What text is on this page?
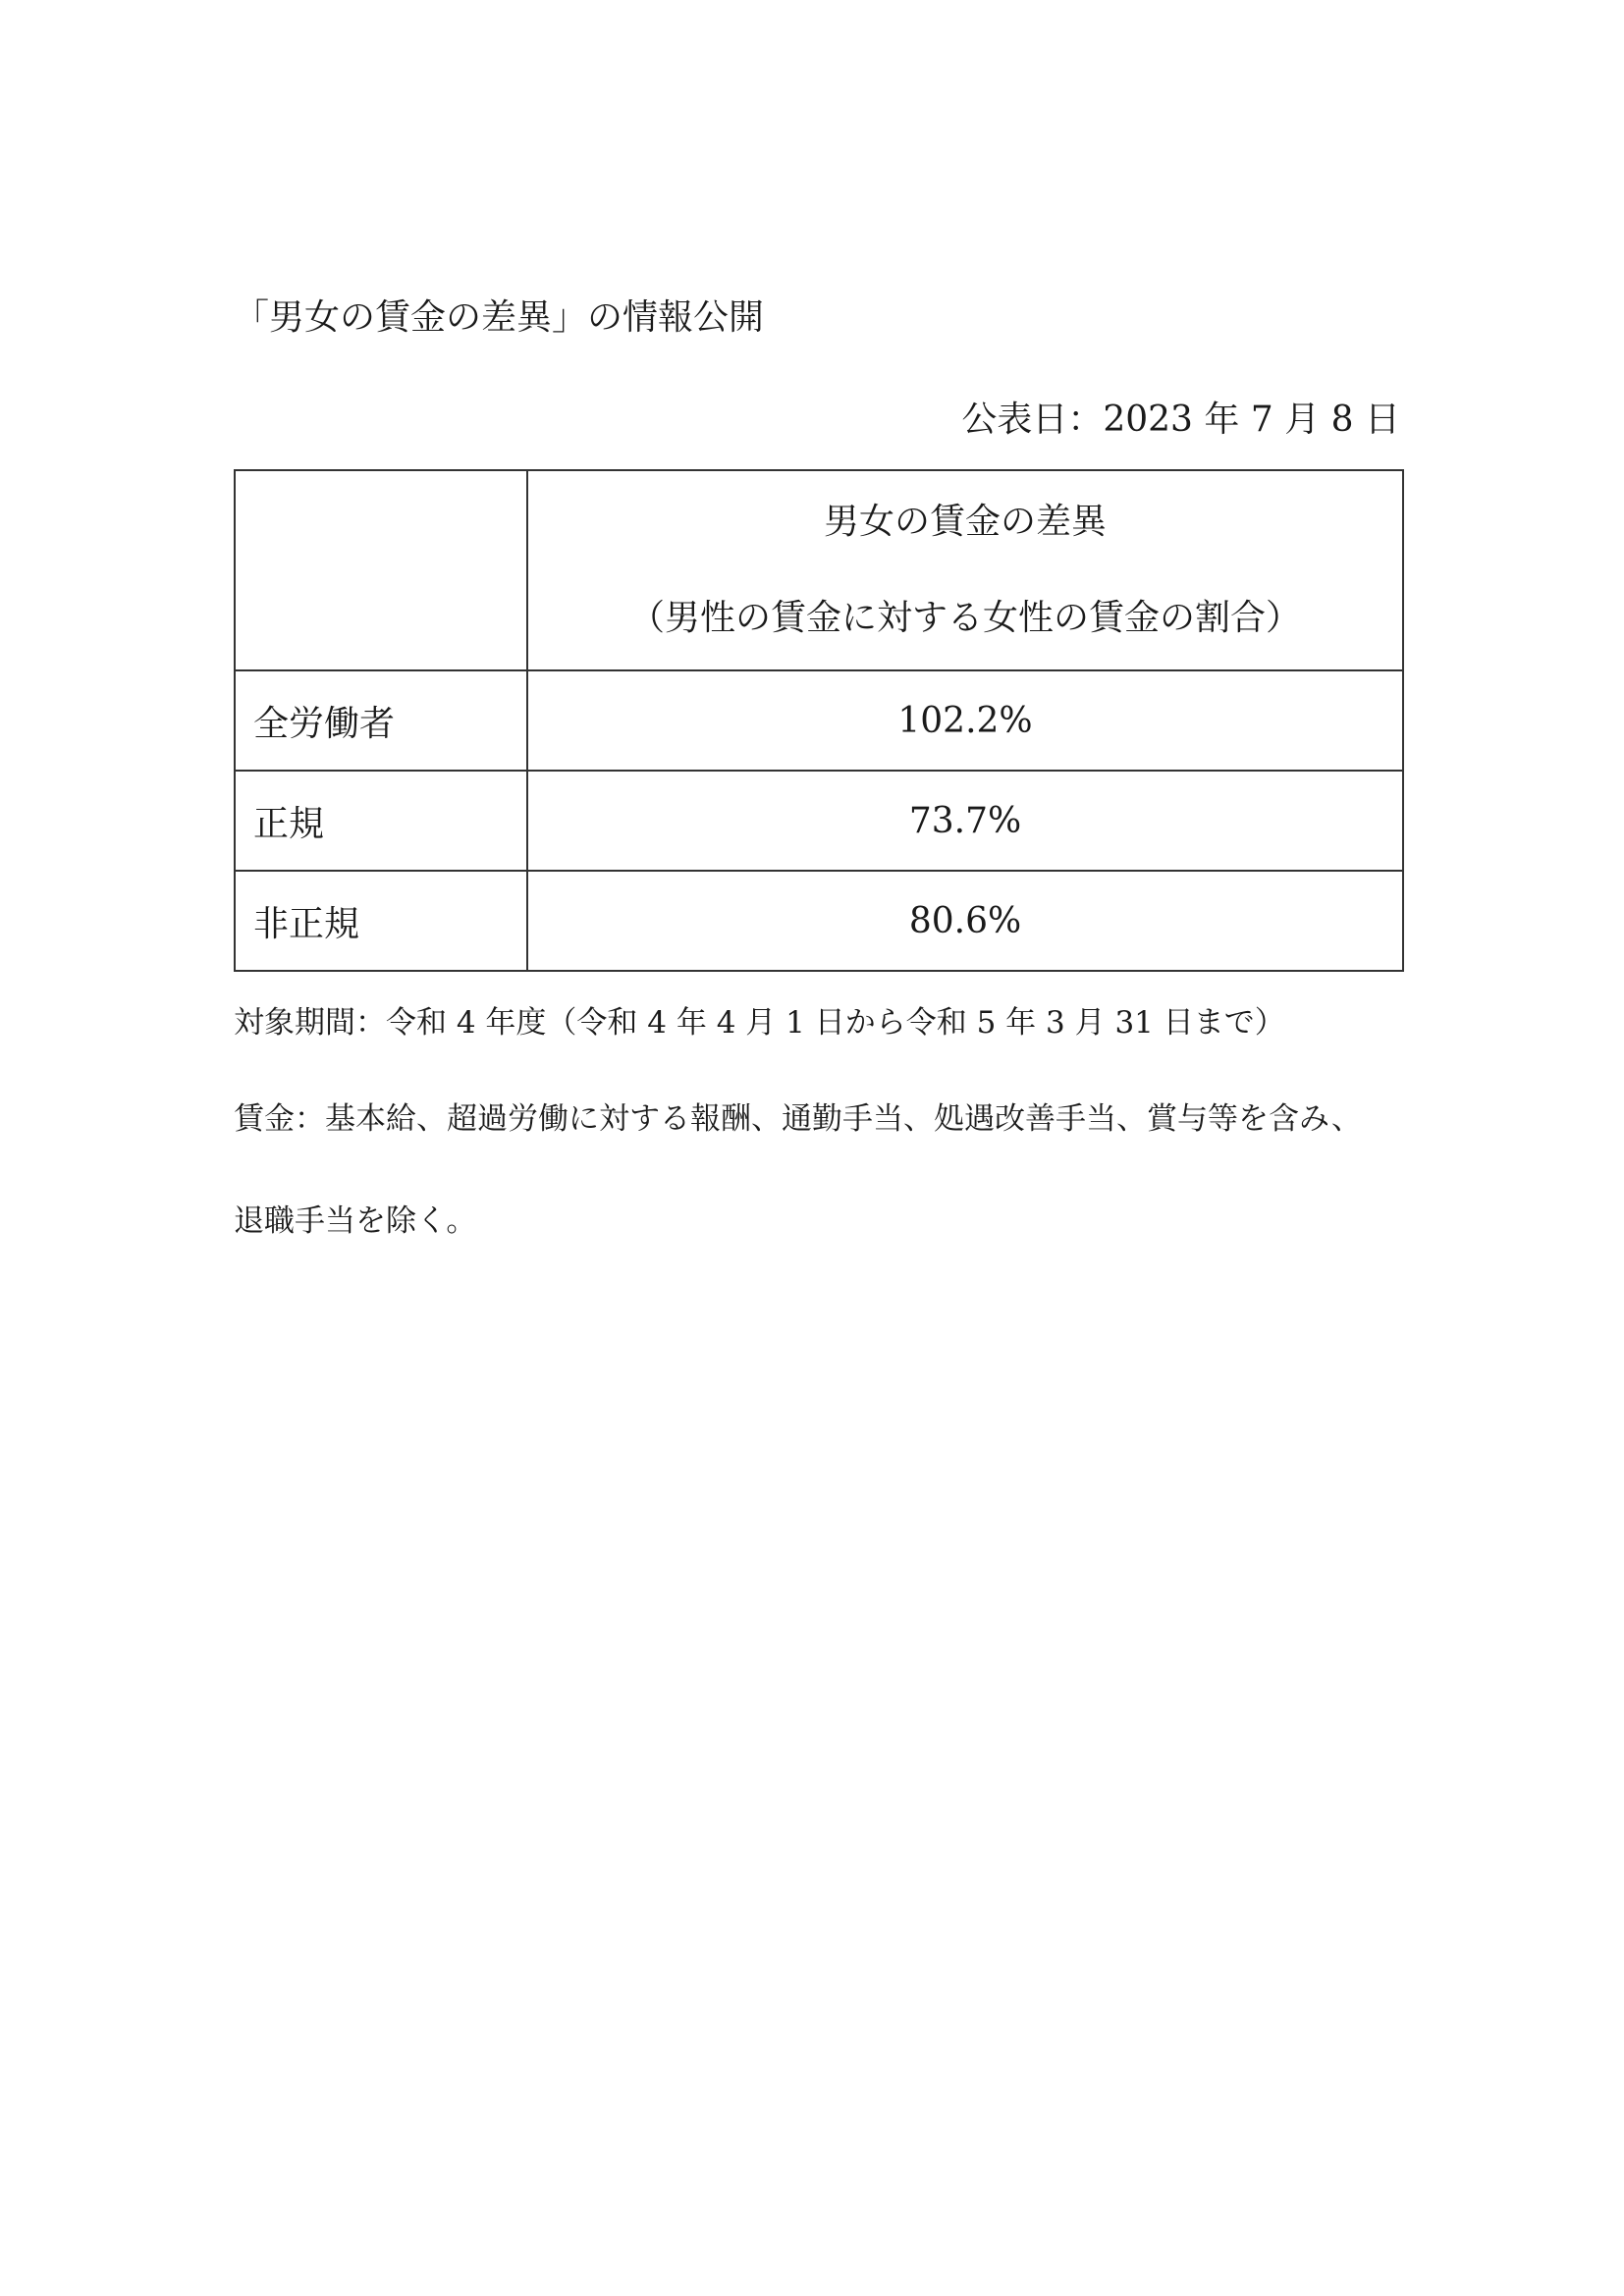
「男女の賃金の差異」の情報公開
公表日：2023 年 7 月 8 日

	男女の賃金の差異
（男性の賃金に対する女性の賃金の割合）

全労働者	102.2%
正規	73.7%
非正規	80.6%
対象期間：令和 4 年度（令和 4 年 4 月 1 日から令和 5 年 3 月 31 日まで）
賃金：基本給、超過労働に対する報酬、通勤手当、処遇改善手当、賞与等を含み、
退職手当を除く。
